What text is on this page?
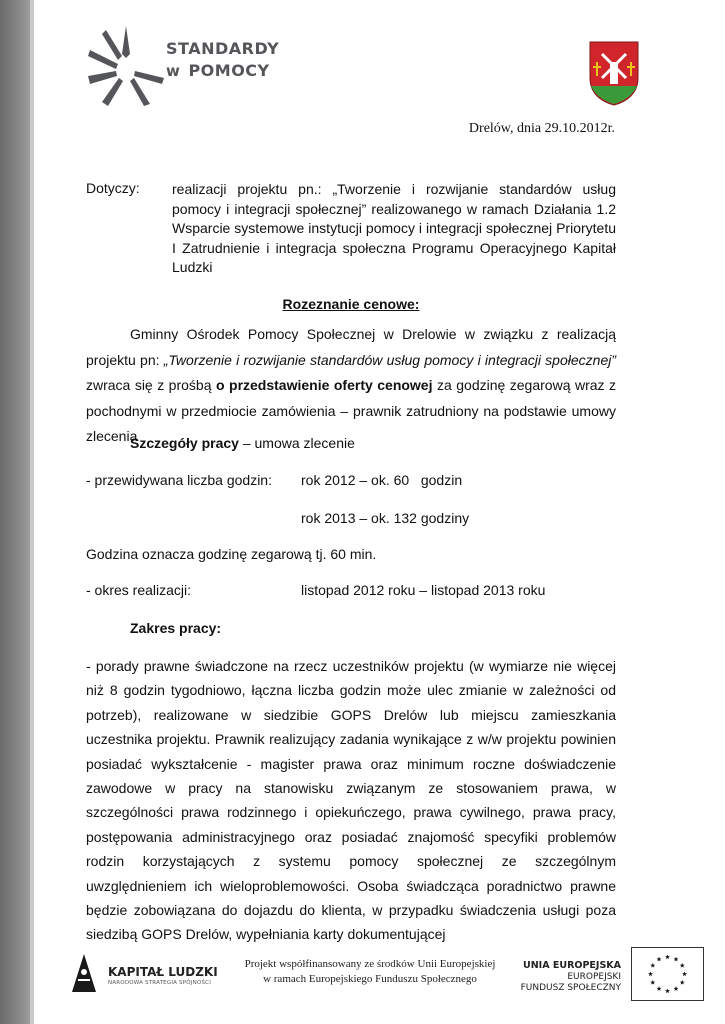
STANDARDY
w POMOCY
Drelów, dnia 29.10.2012r.
Dotyczy: realizacji projektu pn.: „Tworzenie i rozwijanie standardów usług pomocy i integracji społecznej” realizowanego w ramach Działania 1.2 Wsparcie systemowe instytucji pomocy i integracji społecznej Priorytetu I Zatrudnienie i integracja społeczna Programu Operacyjnego Kapitał Ludzki
Rozeznanie cenowe:
Gminny Ośrodek Pomocy Społecznej w Drelowie w związku z realizacją projektu pn: „Tworzenie i rozwijanie standardów usług pomocy i integracji społecznej” zwraca się z prośbą o przedstawienie oferty cenowej za godzinę zegarową wraz z pochodnymi w przedmiocie zamówienia – prawnik zatrudniony na podstawie umowy zlecenia
Szczegóły pracy – umowa zlecenie
- przewidywana liczba godzin: rok 2012 – ok. 60   godzin
rok 2013 – ok. 132 godziny
Godzina oznacza godzinę zegarową tj. 60 min.
- okres realizacji:	listopad 2012 roku – listopad 2013 roku
Zakres pracy:
- porady prawne świadczone na rzecz uczestników projektu (w wymiarze nie więcej niż 8 godzin tygodniowo, łączna liczba godzin może ulec zmianie w zależności od potrzeb), realizowane w siedzibie GOPS Drelów lub miejscu zamieszkania uczestnika projektu. Prawnik realizujący zadania wynikające z w/w projektu powinien posiadać wykształcenie - magister prawa oraz minimum roczne doświadczenie zawodowe w pracy na stanowisku związanym ze stosowaniem prawa, w szczególności prawa rodzinnego i opiekuńczego, prawa cywilnego, prawa pracy, postępowania administracyjnego oraz posiadać znajomość specyfiki problemów rodzin korzystających z systemu pomocy społecznej ze szczególnym uwzględnieniem ich wieloproblemowości. Osoba świadcząca poradnictwo prawne będzie zobowiązana do dojazdu do klienta, w przypadku świadczenia usługi poza siedzibą GOPS Drelów, wypełniania karty dokumentującej
KAPITAŁ LUDZKI
NARODOWA STRATEGIA SPÓJNOŚCI
Projekt współfinansowany ze środków Unii Europejskiej
w ramach Europejskiego Funduszu Społecznego
UNIA EUROPEJSKA
EUROPEJSKI
FUNDUSZ SPOŁECZNY
